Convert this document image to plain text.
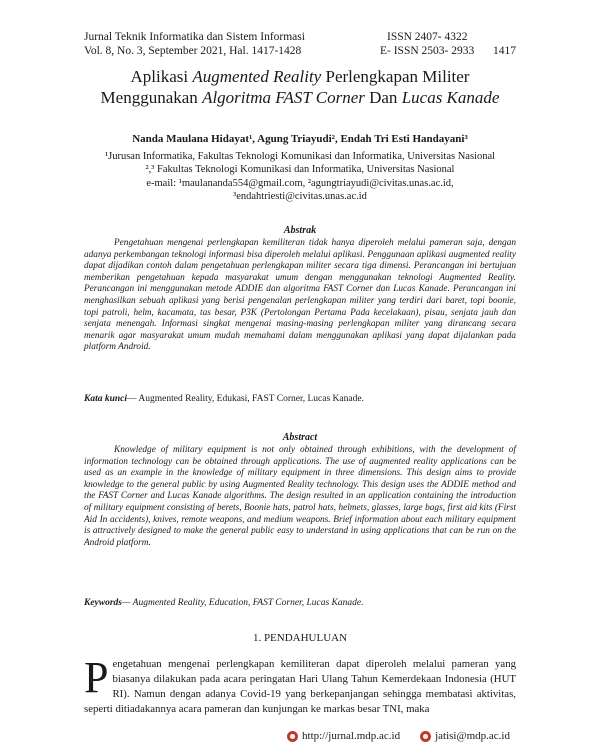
Jurnal Teknik Informatika dan Sistem Informasi	ISSN 2407- 4322
Vol. 8, No. 3, September 2021, Hal. 1417-1428	E- ISSN 2503- 2933 1417
Aplikasi Augmented Reality Perlengkapan Militer
Menggunakan Algoritma FAST Corner Dan Lucas Kanade
Nanda Maulana Hidayat¹, Agung Triayudi², Endah Tri Esti Handayani³
¹Jurusan Informatika, Fakultas Teknologi Komunikasi dan Informatika, Universitas Nasional
²,³ Fakultas Teknologi Komunikasi dan Informatika, Universitas Nasional
e-mail: ¹maulananda554@gmail.com, ²agungtriayudi@civitas.unas.ac.id,
³endahtriesti@civitas.unas.ac.id
Abstrak
Pengetahuan mengenai perlengkapan kemiliteran tidak hanya diperoleh melalui pameran saja, dengan adanya perkembangan teknologi informasi bisa diperoleh melalui aplikasi. Penggunaan aplikasi augmented reality dapat dijadikan contoh dalam pengetahuan perlengkapan militer secara tiga dimensi. Perancangan ini bertujuan memberikan pengetahuan kepada masyarakat umum dengan menggunakan teknologi Augmented Reality. Perancangan ini menggunakan metode ADDIE dan algoritma FAST Corner dan Lucas Kanade. Perancangan ini menghasilkan sebuah aplikasi yang berisi pengenalan perlengkapan militer yang terdiri dari baret, topi boonie, topi patroli, helm, kacamata, tas besar, P3K (Pertolongan Pertama Pada kecelakaan), pisau, senjata jauh dan senjata menengah. Informasi singkat mengenai masing-masing perlengkapan militer yang dirancang secara menarik agar masyarakat umum mudah memahami dalam menggunakan aplikasi yang dapat dijalankan pada platform Android.
Kata kunci— Augmented Reality, Edukasi, FAST Corner, Lucas Kanade.
Abstract
Knowledge of military equipment is not only obtained through exhibitions, with the development of information technology can be obtained through applications. The use of augmented reality applications can be used as an example in the knowledge of military equipment in three dimensions. This design aims to provide knowledge to the general public by using Augmented Reality technology. This design uses the ADDIE method and the FAST Corner and Lucas Kanade algorithms. The design resulted in an application containing the introduction of military equipment consisting of berets, Boonie hats, patrol hats, helmets, glasses, large bags, first aid kits (First Aid In accidents), knives, remote weapons, and medium weapons. Brief information about each military equipment is attractively designed to make the general public easy to understand in using applications that can be run on the Android platform.
Keywords— Augmented Reality, Education, FAST Corner, Lucas Kanade.
1. PENDAHULUAN
Pengetahuan mengenai perlengkapan kemiliteran dapat diperoleh melalui pameran yang biasanya dilakukan pada acara peringatan Hari Ulang Tahun Kemerdekaan Indonesia (HUT RI). Namun dengan adanya Covid-19 yang berkepanjangan sehingga membatasi aktivitas, seperti ditiadakannya acara pameran dan kunjungan ke markas besar TNI, maka
http://jurnal.mdp.ac.id	jatisi@mdp.ac.id
